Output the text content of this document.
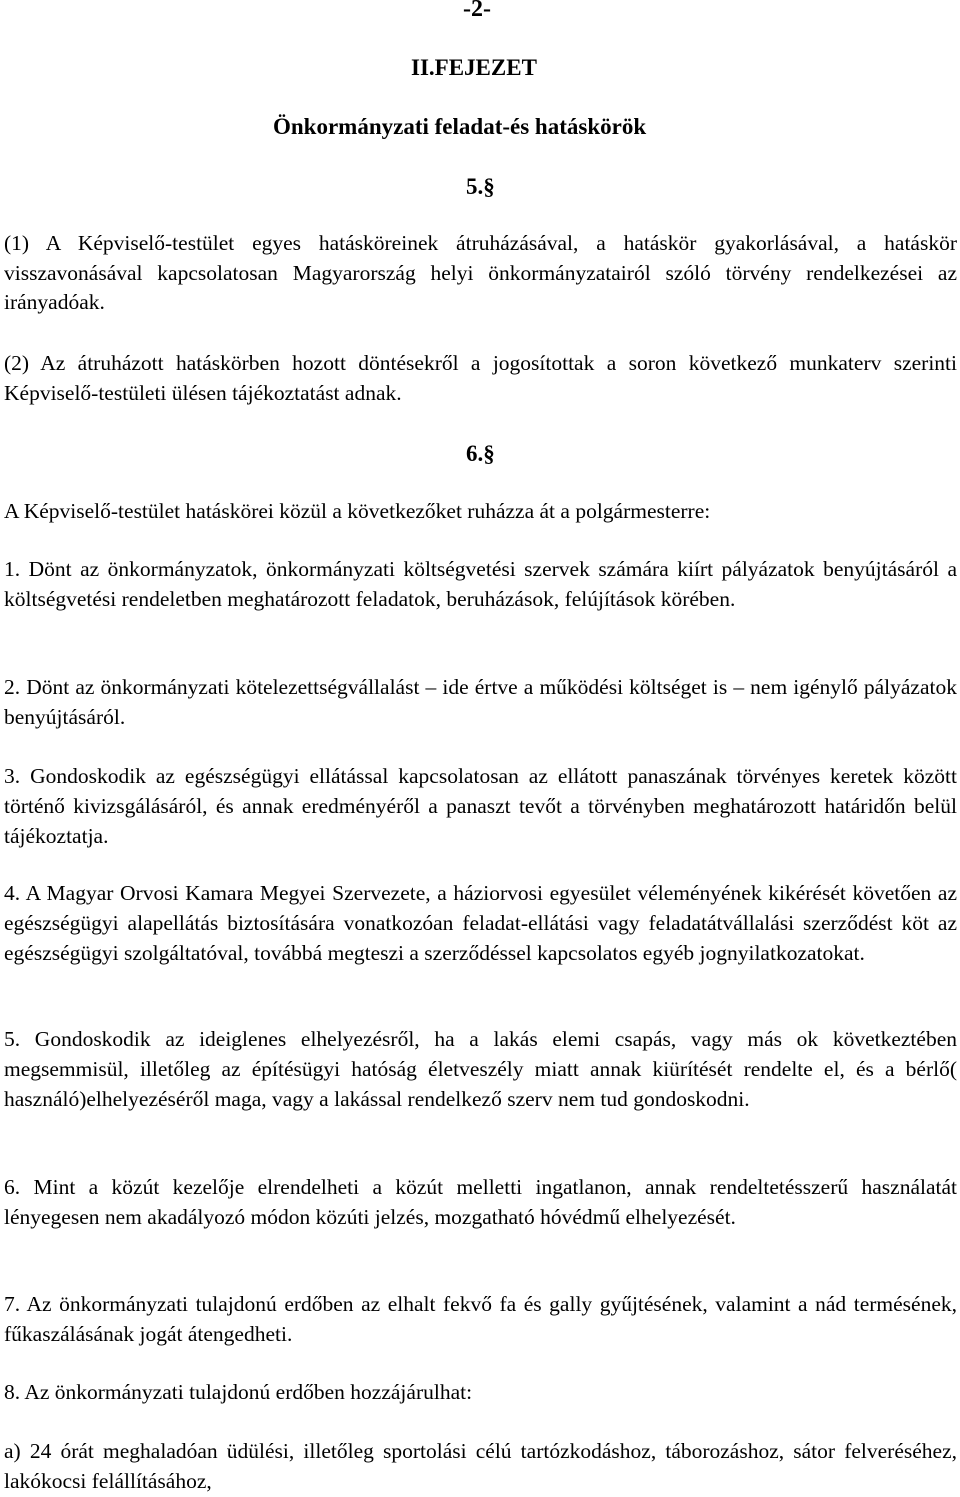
-2-
II.FEJEZET
Önkormányzati feladat-és hatáskörök
5.§
(1) A Képviselő-testület egyes hatásköreinek átruházásával, a hatáskör gyakorlásával, a hatáskör visszavonásával kapcsolatosan Magyarország helyi önkormányzatairól szóló törvény rendelkezései az irányadóak.
(2) Az átruházott hatáskörben hozott döntésekről a jogosítottak a soron következő munkaterv szerinti Képviselő-testületi ülésen tájékoztatást adnak.
6.§
A Képviselő-testület hatáskörei közül a következőket ruházza át a polgármesterre:
1. Dönt az önkormányzatok, önkormányzati költségvetési szervek számára kiírt pályázatok benyújtásáról a költségvetési rendeletben meghatározott feladatok, beruházások, felújítások körében.
2. Dönt az önkormányzati kötelezettségvállalást – ide értve a működési költséget is – nem igénylő pályázatok benyújtásáról.
3. Gondoskodik az egészségügyi ellátással kapcsolatosan az ellátott panaszának törvényes keretek között történő kivizsgálásáról, és annak eredményéről a panaszt tevőt a törvényben meghatározott határidőn belül tájékoztatja.
4. A Magyar Orvosi Kamara Megyei Szervezete, a háziorvosi egyesület véleményének kikérését követően az egészségügyi alapellátás biztosítására vonatkozóan feladat-ellátási vagy feladatátvállalási szerződést köt az egészségügyi szolgáltatóval, továbbá megteszi a szerződéssel kapcsolatos egyéb jognyilatkozatokat.
5. Gondoskodik az ideiglenes elhelyezésről, ha a lakás elemi csapás, vagy más ok következtében megsemmisül, illetőleg az építésügyi hatóság életveszély miatt annak kiürítését rendelte el, és a bérlő( használó)elhelyezéséről maga, vagy a lakással rendelkező szerv nem tud gondoskodni.
6. Mint a közút kezelője elrendelheti a közút melletti ingatlanon, annak rendeltetésszerű használatát lényegesen nem akadályozó módon közúti jelzés, mozgatható hóvédmű elhelyezését.
7. Az önkormányzati tulajdonú erdőben az elhalt fekvő fa és gally gyűjtésének, valamint a nád termésének, fűkaszálásának jogát átengedheti.
8. Az önkormányzati tulajdonú erdőben hozzájárulhat:
a) 24 órát meghaladóan üdülési, illetőleg sportolási célú tartózkodáshoz, táborozáshoz, sátor felveréséhez, lakókocsi felállításához,
